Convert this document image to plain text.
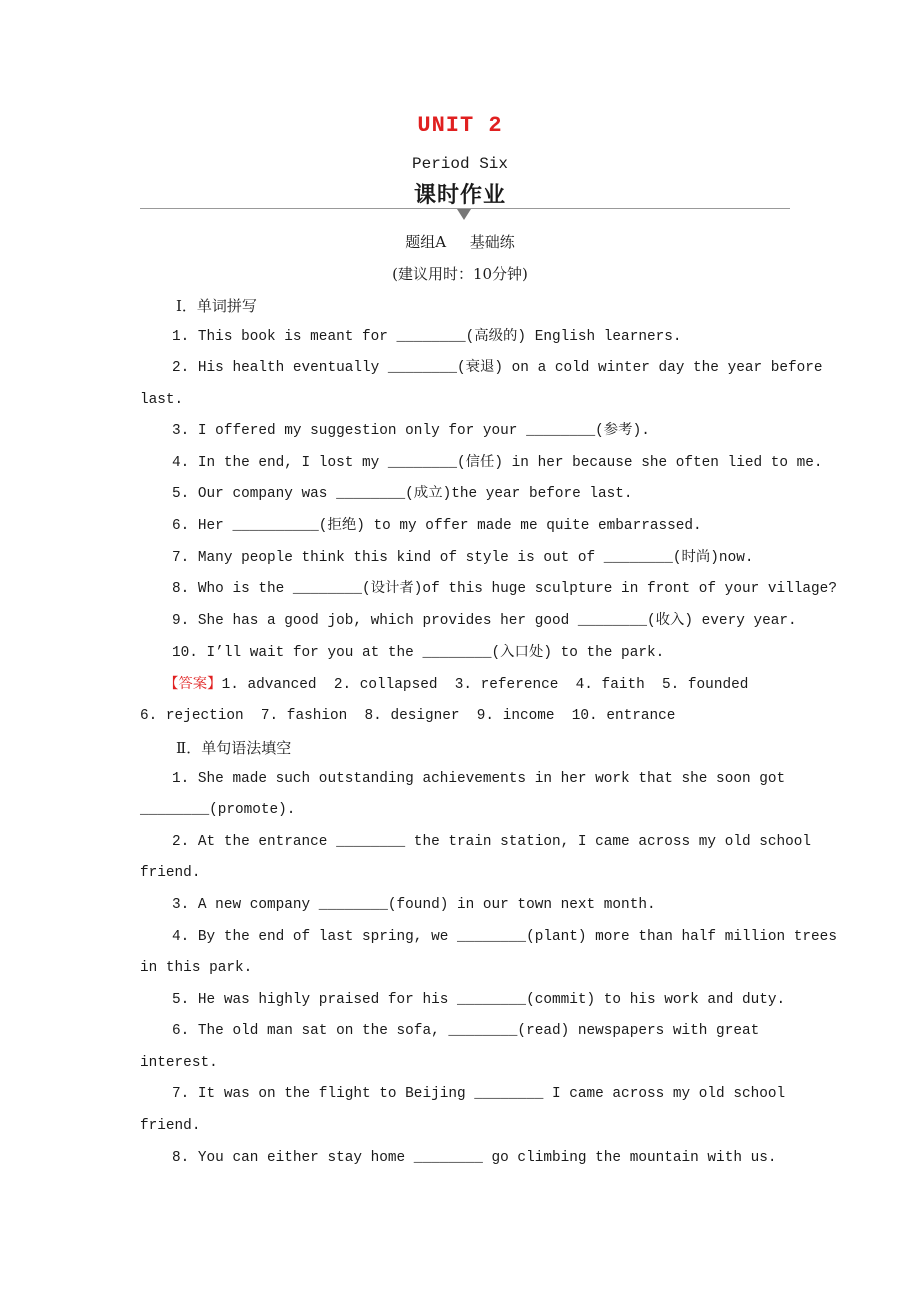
UNIT 2
Period Six
课时作业
题组A 基础练
(建议用时：10分钟)
Ⅰ．单词拼写
1. This book is meant for ________(高级的) English learners.
2. His health eventually ________(衰退) on a cold winter day the year before
last.
3. I offered my suggestion only for your ________(参考).
4. In the end, I lost my ________(信任) in her because she often lied to me.
5. Our company was ________(成立)the year before last.
6. Her __________(拒绝) to my offer made me quite embarrassed.
7. Many people think this kind of style is out of ________(时尚)now.
8. Who is the ________(设计者)of this huge sculpture in front of your village?
9. She has a good job, which provides her good ________(收入) every year.
10. I’ll wait for you at the ________(入口处) to the park.
【答案】1. advanced  2. collapsed  3. reference  4. faith  5. founded
6. rejection  7. fashion  8. designer  9. income  10. entrance
Ⅱ．单句语法填空
1. She made such outstanding achievements in her work that she soon got
________(promote).
2. At the entrance ________ the train station, I came across my old school
friend.
3. A new company ________(found) in our town next month.
4. By the end of last spring, we ________(plant) more than half million trees
in this park.
5. He was highly praised for his ________(commit) to his work and duty.
6. The old man sat on the sofa, ________(read) newspapers with great
interest.
7. It was on the flight to Beijing ________ I came across my old school
friend.
8. You can either stay home ________ go climbing the mountain with us.
